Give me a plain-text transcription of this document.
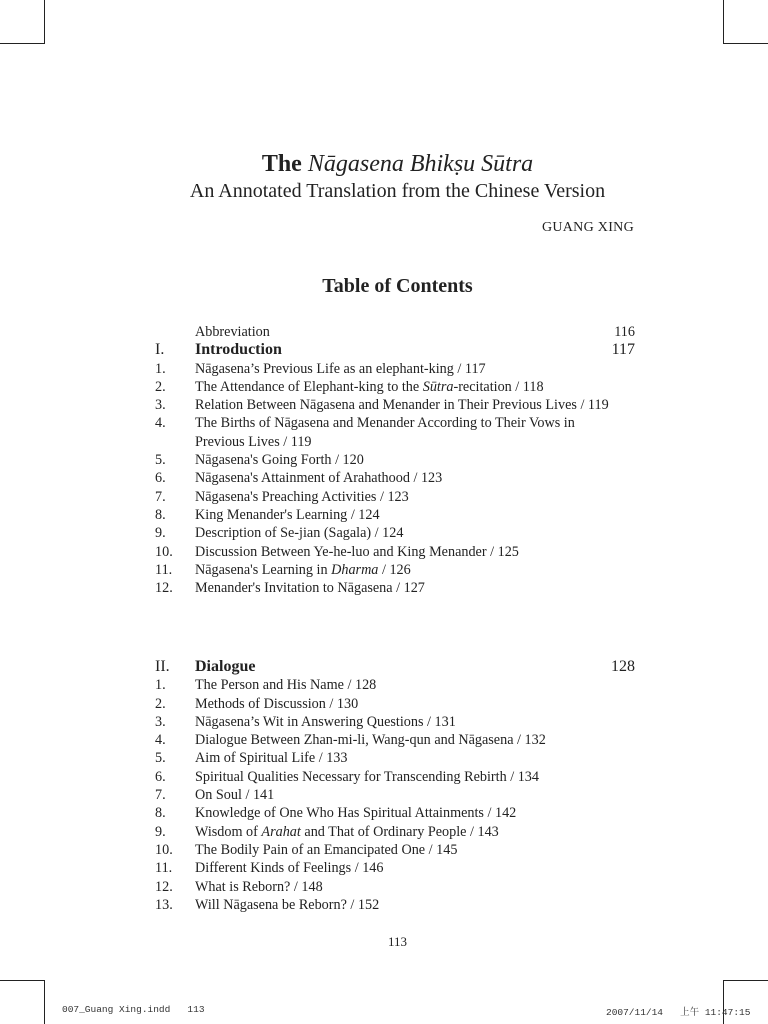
The Nāgasena Bhikṣu Sūtra
An Annotated Translation from the Chinese Version
GUANG XING
Table of Contents
Abbreviation	116
I.	Introduction	117
1.	Nāgasena’s Previous Life as an elephant-king / 117
2.	The Attendance of Elephant-king to the Sūtra-recitation / 118
3.	Relation Between Nāgasena and Menander in Their Previous Lives / 119
4.	The Births of Nāgasena and Menander According to Their Vows in Previous Lives / 119
5.	Nāgasena's Going Forth / 120
6.	Nāgasena's Attainment of Arahathood / 123
7.	Nāgasena's Preaching Activities / 123
8.	King Menander's Learning / 124
9.	Description of Se-jian (Sagala) / 124
10.	Discussion Between Ye-he-luo and King Menander / 125
11.	Nāgasena's Learning in Dharma / 126
12.	Menander's Invitation to Nāgasena / 127
II.	Dialogue	128
1.	The Person and His Name / 128
2.	Methods of Discussion / 130
3.	Nāgasena’s Wit in Answering Questions / 131
4.	Dialogue Between Zhan-mi-li, Wang-qun and Nāgasena / 132
5.	Aim of Spiritual Life / 133
6.	Spiritual Qualities Necessary for Transcending Rebirth / 134
7.	On Soul / 141
8.	Knowledge of One Who Has Spiritual Attainments / 142
9.	Wisdom of Arahat and That of Ordinary People / 143
10.	The Bodily Pain of an Emancipated One / 145
11.	Different Kinds of Feelings / 146
12.	What is Reborn? / 148
13.	Will Nāgasena be Reborn? / 152
113
007_Guang Xing.indd   113	2007/11/14   上午 11:47:15
